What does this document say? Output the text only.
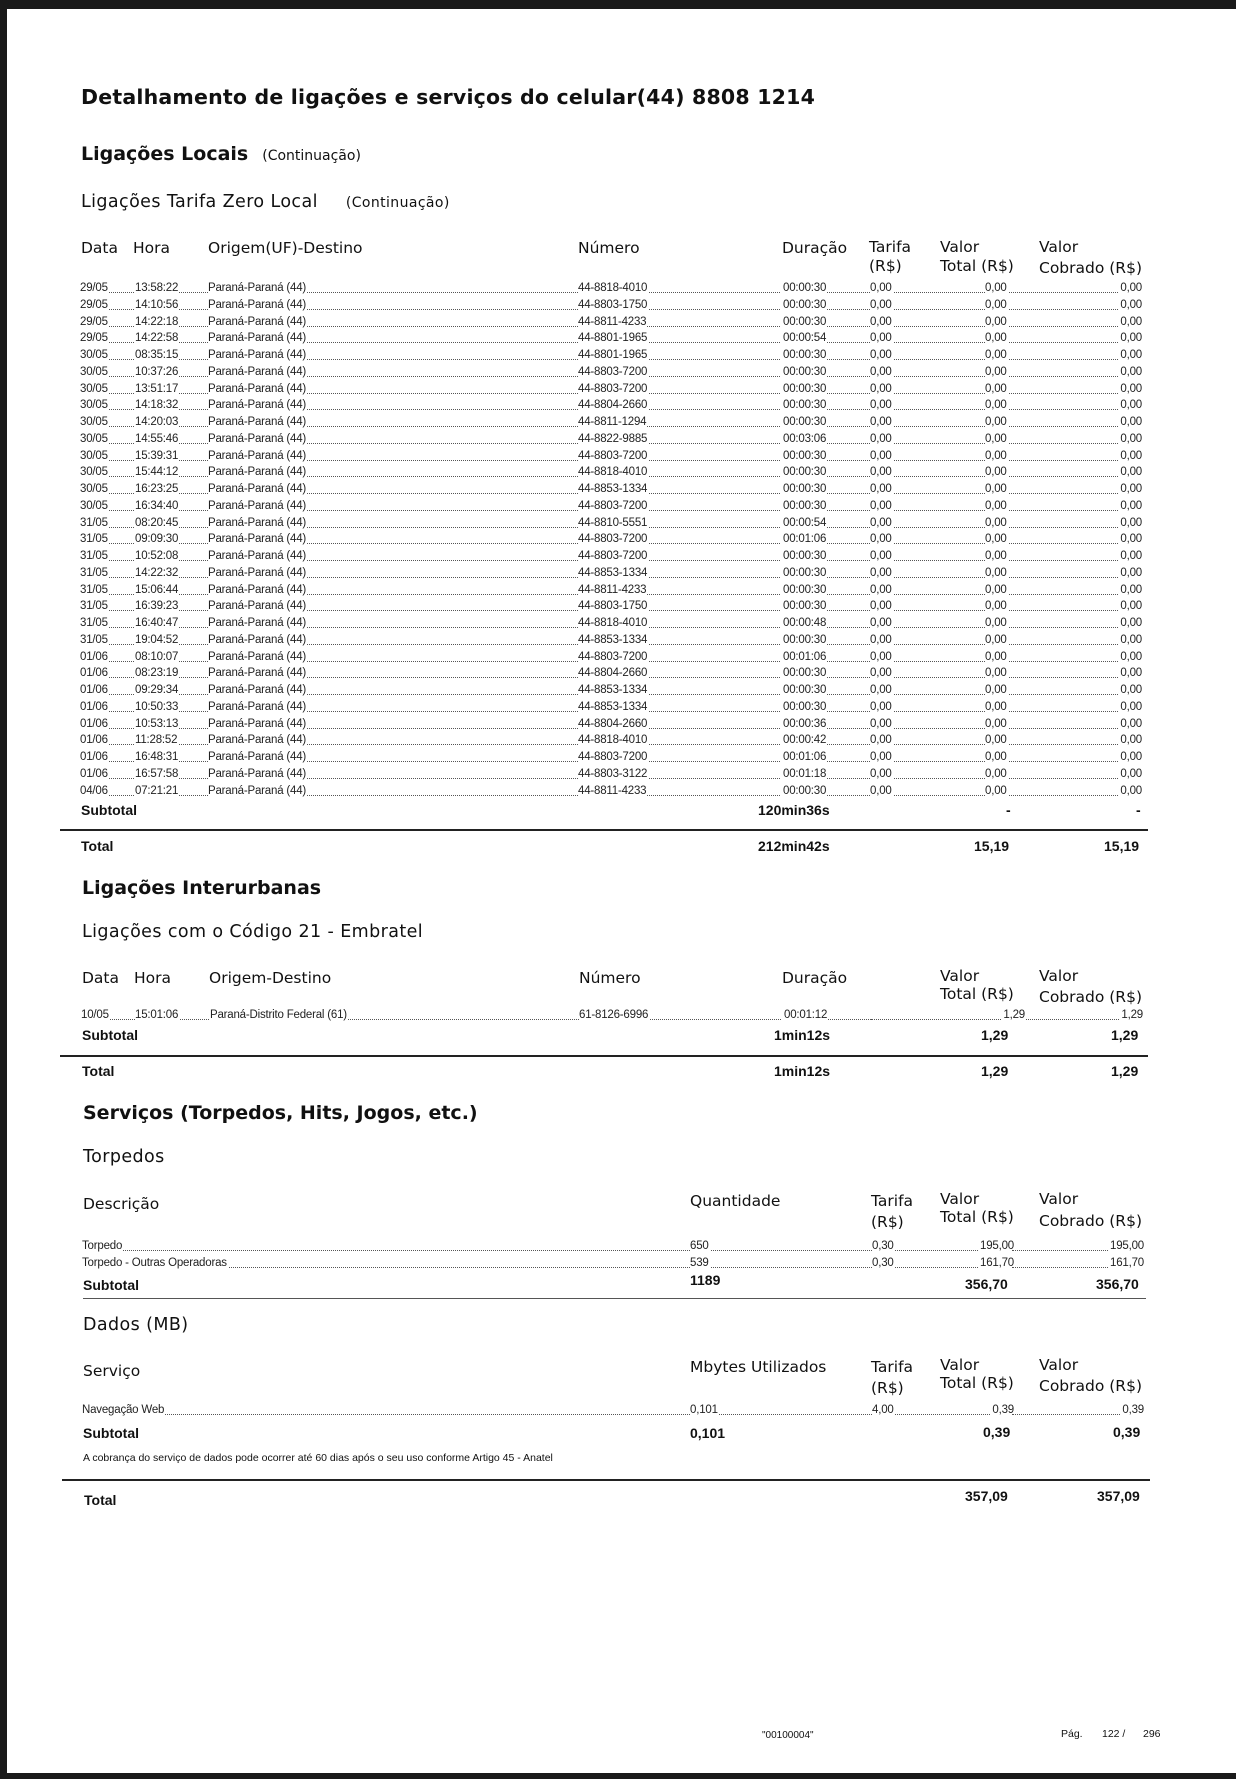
Detalhamento de ligações e serviços do celular(44) 8808 1214
Ligações Locais (Continuação)
Ligações Tarifa Zero Local (Continuação)
Data Hora Origem(UF)-Destino	Número	Duração Tarifa
(R$)
Valor
Total (R$)
Valor
Cobrado (R$)
29/05 13:58:22	Paraná-Paraná (44)	44-8818-4010	00:00:30	0,00	0,00	0,00
29/05 14:10:56	Paraná-Paraná (44)	44-8803-1750	00:00:30	0,00	0,00	0,00
29/05 14:22:18	Paraná-Paraná (44)	44-8811-4233	00:00:30	0,00	0,00	0,00
29/05 14:22:58	Paraná-Paraná (44)	44-8801-1965	00:00:54	0,00	0,00	0,00
30/05 08:35:15	Paraná-Paraná (44)	44-8801-1965	00:00:30	0,00	0,00	0,00
30/05 10:37:26	Paraná-Paraná (44)	44-8803-7200	00:00:30	0,00	0,00	0,00
30/05 13:51:17	Paraná-Paraná (44)	44-8803-7200	00:00:30	0,00	0,00	0,00
30/05 14:18:32	Paraná-Paraná (44)	44-8804-2660	00:00:30	0,00	0,00	0,00
30/05 14:20:03	Paraná-Paraná (44)	44-8811-1294	00:00:30	0,00	0,00	0,00
30/05 14:55:46	Paraná-Paraná (44)	44-8822-9885	00:03:06	0,00	0,00	0,00
30/05 15:39:31	Paraná-Paraná (44)	44-8803-7200	00:00:30	0,00	0,00	0,00
30/05 15:44:12	Paraná-Paraná (44)	44-8818-4010	00:00:30	0,00	0,00	0,00
30/05 16:23:25	Paraná-Paraná (44)	44-8853-1334	00:00:30	0,00	0,00	0,00
30/05 16:34:40	Paraná-Paraná (44)	44-8803-7200	00:00:30	0,00	0,00	0,00
31/05 08:20:45	Paraná-Paraná (44)	44-8810-5551	00:00:54	0,00	0,00	0,00
31/05 09:09:30	Paraná-Paraná (44)	44-8803-7200	00:01:06	0,00	0,00	0,00
31/05 10:52:08	Paraná-Paraná (44)	44-8803-7200	00:00:30	0,00	0,00	0,00
31/05 14:22:32	Paraná-Paraná (44)	44-8853-1334	00:00:30	0,00	0,00	0,00
31/05 15:06:44	Paraná-Paraná (44)	44-8811-4233	00:00:30	0,00	0,00	0,00
31/05 16:39:23	Paraná-Paraná (44)	44-8803-1750	00:00:30	0,00	0,00	0,00
31/05 16:40:47	Paraná-Paraná (44)	44-8818-4010	00:00:48	0,00	0,00	0,00
31/05 19:04:52	Paraná-Paraná (44)	44-8853-1334	00:00:30	0,00	0,00	0,00
01/06 08:10:07	Paraná-Paraná (44)	44-8803-7200	00:01:06	0,00	0,00	0,00
01/06 08:23:19	Paraná-Paraná (44)	44-8804-2660	00:00:30	0,00	0,00	0,00
01/06 09:29:34	Paraná-Paraná (44)	44-8853-1334	00:00:30	0,00	0,00	0,00
01/06 10:50:33	Paraná-Paraná (44)	44-8853-1334	00:00:30	0,00	0,00	0,00
01/06 10:53:13	Paraná-Paraná (44)	44-8804-2660	00:00:36	0,00	0,00	0,00
01/06 11:28:52	Paraná-Paraná (44)	44-8818-4010	00:00:42	0,00	0,00	0,00
01/06 16:48:31	Paraná-Paraná (44)	44-8803-7200	00:01:06	0,00	0,00	0,00
01/06 16:57:58	Paraná-Paraná (44)	44-8803-3122	00:01:18	0,00	0,00	0,00
04/06 07:21:21	Paraná-Paraná (44)	44-8811-4233	00:00:30	0,00	0,00	0,00
Subtotal	120min36s	-	-
Total	212min42s	15,19	15,19
Ligações Interurbanas
Ligações com o Código 21 - Embratel
Data Hora Origem-Destino	Número	Duração	Valor
Total (R$)
Valor
Cobrado (R$)
10/05 15:01:06	Paraná-Distrito Federal (61)	61-8126-6996	00:01:12	1,29	1,29
Subtotal	1min12s	1,29	1,29
Total	1min12s	1,29	1,29
Serviços (Torpedos, Hits, Jogos, etc.)
Torpedos
Descrição	Quantidade	Tarifa
(R$)
Valor
Total (R$)
Valor
Cobrado (R$)
Torpedo	650	0,30	195,00	195,00
Torpedo - Outras Operadoras	539	0,30	161,70	161,70
Subtotal	1189	356,70	356,70
Dados (MB)
Serviço	Mbytes Utilizados	Tarifa
(R$)
Valor
Total (R$)
Valor
Cobrado (R$)
Navegação Web	0,101	4,00	0,39	0,39
Subtotal	0,101	0,39	0,39
A cobrança do serviço de dados pode ocorrer até 60 dias após o seu uso conforme Artigo 45 - Anatel
Total	357,09	357,09
"00100004"	Pág. 122 / 296
